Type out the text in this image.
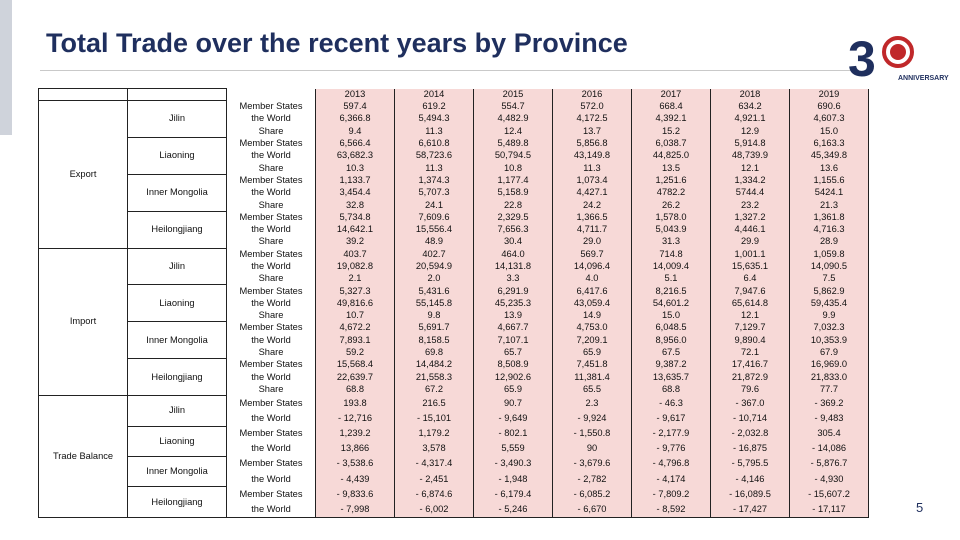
Total Trade over the recent years by Province	3	ANNIVERSARY
			2013	2014	2015	2016	2017	2018	2019
Export	Jilin	Member States	597.4	619.2	554.7	572.0	668.4	634.2	690.6
		the World	6,366.8	5,494.3	4,482.9	4,172.5	4,392.1	4,921.1	4,607.3
		Share	9.4	11.3	12.4	13.7	15.2	12.9	15.0
	Liaoning	Member States	6,566.4	6,610.8	5,489.8	5,856.8	6,038.7	5,914.8	6,163.3
		the World	63,682.3	58,723.6	50,794.5	43,149.8	44,825.0	48,739.9	45,349.8
		Share	10.3	11.3	10.8	11.3	13.5	12.1	13.6
	Inner Mongolia	Member States	1,133.7	1,374.3	1,177.4	1,073.4	1,251.6	1,334.2	1,155.6
		the World	3,454.4	5,707.3	5,158.9	4,427.1	4782.2	5744.4	5424.1
		Share	32.8	24.1	22.8	24.2	26.2	23.2	21.3
	Heilongjiang	Member States	5,734.8	7,609.6	2,329.5	1,366.5	1,578.0	1,327.2	1,361.8
		the World	14,642.1	15,556.4	7,656.3	4,711.7	5,043.9	4,446.1	4,716.3
		Share	39.2	48.9	30.4	29.0	31.3	29.9	28.9
Import	Jilin	Member States	403.7	402.7	464.0	569.7	714.8	1,001.1	1,059.8
		the World	19,082.8	20,594.9	14,131.8	14,096.4	14,009.4	15,635.1	14,090.5
		Share	2.1	2.0	3.3	4.0	5.1	6.4	7.5
	Liaoning	Member States	5,327.3	5,431.6	6,291.9	6,417.6	8,216.5	7,947.6	5,862.9
		the World	49,816.6	55,145.8	45,235.3	43,059.4	54,601.2	65,614.8	59,435.4
		Share	10.7	9.8	13.9	14.9	15.0	12.1	9.9
	Inner Mongolia	Member States	4,672.2	5,691.7	4,667.7	4,753.0	6,048.5	7,129.7	7,032.3
		the World	7,893.1	8,158.5	7,107.1	7,209.1	8,956.0	9,890.4	10,353.9
		Share	59.2	69.8	65.7	65.9	67.5	72.1	67.9
	Heilongjiang	Member States	15,568.4	14,484.2	8,508.9	7,451.8	9,387.2	17,416.7	16,969.0
		the World	22,639.7	21,558.3	12,902.6	11,381.4	13,635.7	21,872.9	21,833.0
		Share	68.8	67.2	65.9	65.5	68.8	79.6	77.7
Trade Balance	Jilin	Member States	193.8	216.5	90.7	2.3	- 46.3	- 367.0	- 369.2
		the World	- 12,716	- 15,101	- 9,649	- 9,924	- 9,617	- 10,714	- 9,483
	Liaoning	Member States	1,239.2	1,179.2	- 802.1	- 1,550.8	- 2,177.9	- 2,032.8	305.4
		the World	13,866	3,578	5,559	90	- 9,776	- 16,875	- 14,086
	Inner Mongolia	Member States	- 3,538.6	- 4,317.4	- 3,490.3	- 3,679.6	- 4,796.8	- 5,795.5	- 5,876.7
		the World	- 4,439	- 2,451	- 1,948	- 2,782	- 4,174	- 4,146	- 4,930
	Heilongjiang	Member States	- 9,833.6	- 6,874.6	- 6,179.4	- 6,085.2	- 7,809.2	- 16,089.5	- 15,607.2
		the World	- 7,998	- 6,002	- 5,246	- 6,670	- 8,592	- 17,427	- 17,117	5
